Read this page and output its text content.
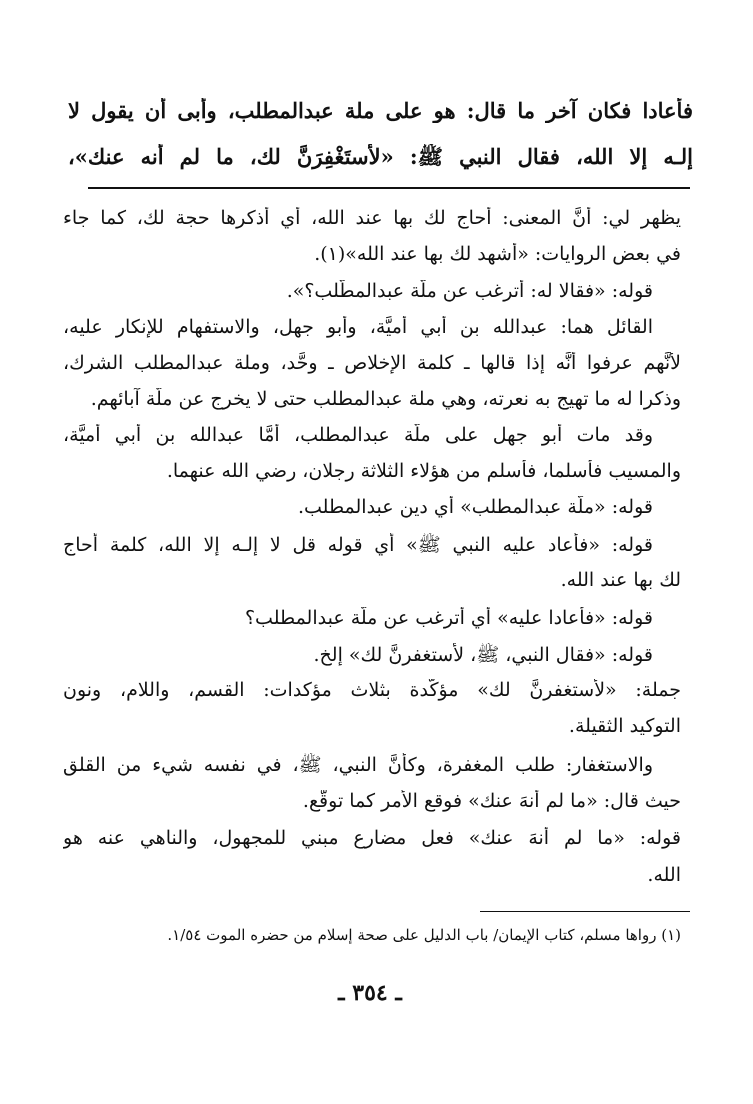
فأعادا فكان آخر ما قال: هو على ملة عبدالمطلب، وأبى أن يقول لا
إلـه إلا الله، فقال النبي ﷺ: «لأستَغْفِرَنَّ لك، ما لم أُنه عنك»،
يظهر لي: أنَّ المعنى: أحاج لك بها عند الله، أي أذكرها حجة لك، كما جاء
في بعض الروايات: «أشهد لك بها عند الله»(١).
قوله: «فقالا له: أترغب عن ملَّة عبدالمطَّلب؟».
القائل هما: عبدالله بن أبي أميَّة، وأبو جهل، والاستفهام للإنكار عليه،
لأنَّهم عرفوا أنَّه إذا قالها ـ كلمة الإخلاص ـ وحَّد، وملة عبدالمطلب الشرك،
وذكرا له ما تهيج به نعرته، وهي ملة عبدالمطلب حتى لا يخرج عن ملَّة آبائهم.
وقد مات أبو جهل على ملَّة عبدالمطلب، أمَّا عبدالله بن أبي أميَّة،
والمسيب فأسلما، فأسلم من هؤلاء الثلاثة رجلان، رضي الله عنهما.
قوله: «ملَّة عبدالمطلب» أي دين عبدالمطلب.
قوله: «فأعاد عليه النبي ﷺ» أي قوله قل لا إلـه إلا الله، كلمة أحاج
لك بها عند الله.
قوله: «فأعادا عليه» أي أترغب عن ملَّة عبدالمطلب؟
قوله: «فقال النبي، ﷺ، لأستغفرنَّ لك» إلخ.
جملة: «لأستغفرنَّ لك» مؤكَّدة بثلاث مؤكدات: القسم، واللام، ونون
التوكيد الثقيلة.
والاستغفار: طلب المغفرة، وكأنَّ النبي، ﷺ، في نفسه شيء من القلق
حيث قال: «ما لم أُنهَ عنك» فوقع الأمر كما توقَّع.
قوله: «ما لم أُنهَ عنك» فعل مضارع مبني للمجهول، والناهي عنه هو
الله.
(١) رواها مسلم، كتاب الإيمان/ باب الدليل على صحة إسلام من حضره الموت ١/٥٤.
ـ ٣٥٤ ـ
